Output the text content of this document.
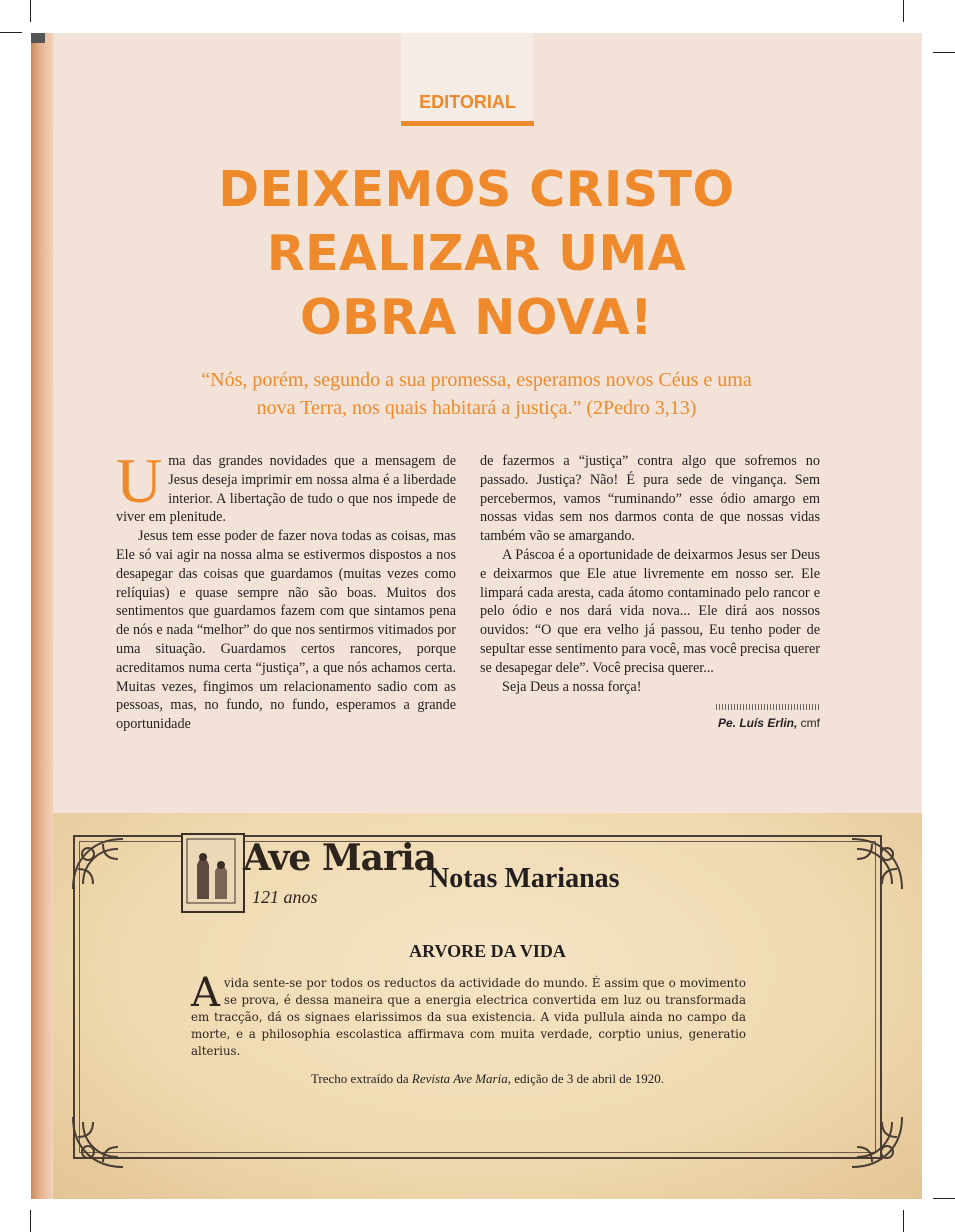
EDITORIAL
DEIXEMOS CRISTO
REALIZAR UMA
OBRA NOVA!
“Nós, porém, segundo a sua promessa, esperamos novos Céus e uma
nova Terra, nos quais habitará a justiça.” (2Pedro 3,13)

Uma das grandes novidades que a mensagem de Jesus deseja imprimir em nossa alma é a liberdade interior. A libertação de tudo o que nos impede de viver em plenitude.

Jesus tem esse poder de fazer nova todas as coisas, mas Ele só vai agir na nossa alma se estivermos dispostos a nos desapegar das coisas que guardamos (muitas vezes como relíquias) e quase sempre não são boas. Muitos dos sentimentos que guardamos fazem com que sintamos pena de nós e nada “melhor” do que nos sentirmos vitimados por uma situação. Guardamos certos rancores, porque acreditamos numa certa “justiça”, a que nós achamos certa. Muitas vezes, fingimos um relacionamento sadio com as pessoas, mas, no fundo, no fundo, esperamos a grande oportunidade

de fazermos a “justiça” contra algo que sofremos no passado. Justiça? Não! É pura sede de vingança. Sem percebermos, vamos “ruminando” esse ódio amargo em nossas vidas sem nos darmos conta de que nossas vidas também vão se amargando.

A Páscoa é a oportunidade de deixarmos Jesus ser Deus e deixarmos que Ele atue livremente em nosso ser. Ele limpará cada aresta, cada átomo contaminado pelo rancor e pelo ódio e nos dará vida nova... Ele dirá aos nossos ouvidos: “O que era velho já passou, Eu tenho poder de sepultar esse sentimento para você, mas você precisa querer se desapegar dele”. Você precisa querer...

Seja Deus a nossa força!

Pe. Luís Erlin, cmf
Ave Maria
121 anos
Notas Marianas
ARVORE DA VIDA
Avida sente-se por todos os reductos da actividade do mundo. É assim que o movimento se prova, é dessa maneira que a energia electrica convertida em luz ou transformada em tracção, dá os signaes elarissimos da sua existencia. A vida pullula ainda no campo da morte, e a philosophia escolastica affirmava com muita verdade, corptio unius, generatio alterius.
Trecho extraído da Revista Ave Maria, edição de 3 de abril de 1920.
